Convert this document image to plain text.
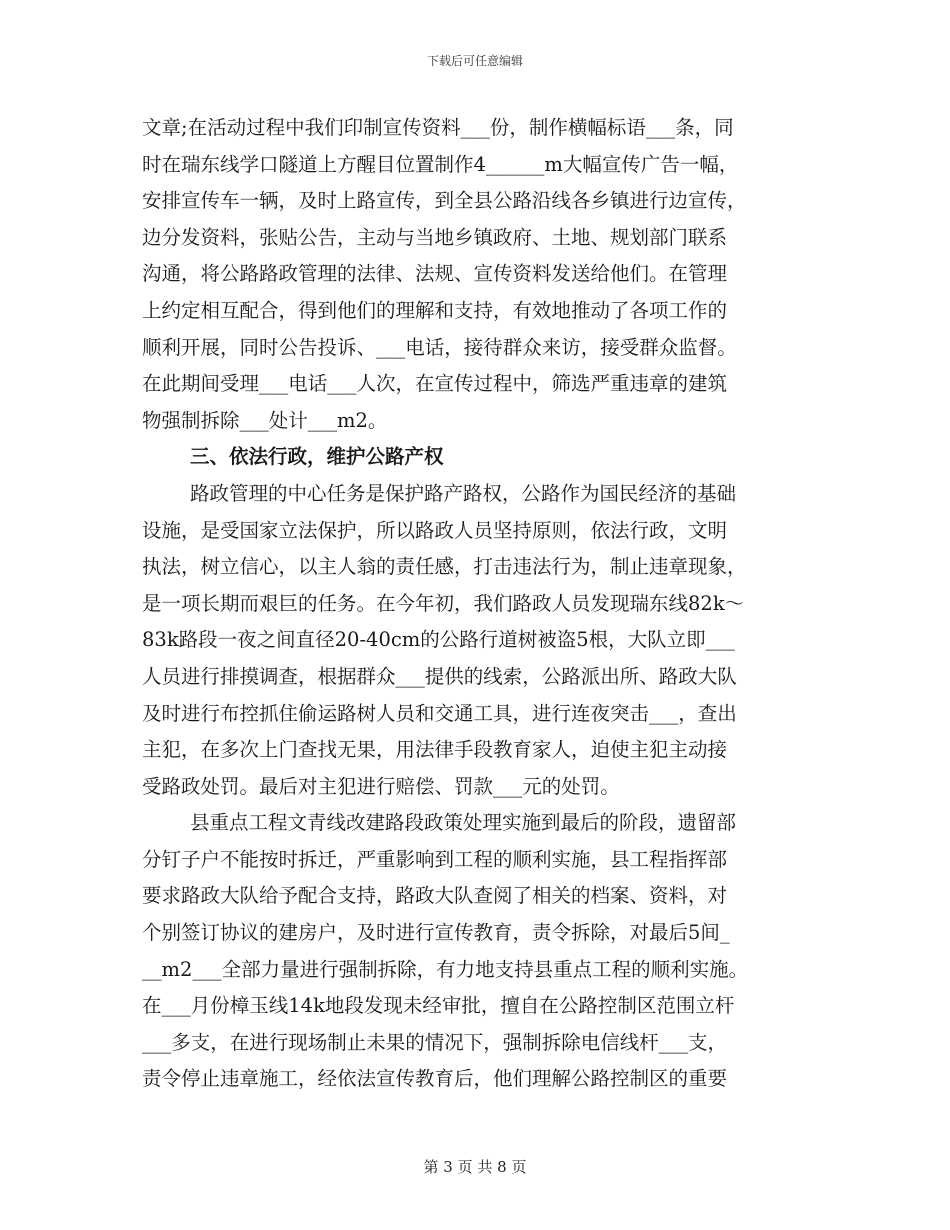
下载后可任意编辑
文章;在活动过程中我们印制宣传资料___份，制作横幅标语___条，同
时在瑞东线学口隧道上方醒目位置制作4______m大幅宣传广告一幅，
安排宣传车一辆，及时上路宣传，到全县公路沿线各乡镇进行边宣传，
边分发资料，张贴公告，主动与当地乡镇政府、土地、规划部门联系
沟通，将公路路政管理的法律、法规、宣传资料发送给他们。在管理
上约定相互配合，得到他们的理解和支持，有效地推动了各项工作的
顺利开展，同时公告投诉、___电话，接待群众来访，接受群众监督。
在此期间受理___电话___人次，在宣传过程中，筛选严重违章的建筑
物强制拆除___处计___m2。
三、依法行政，维护公路产权
路政管理的中心任务是保护路产路权，公路作为国民经济的基础
设施，是受国家立法保护，所以路政人员坚持原则，依法行政，文明
执法，树立信心，以主人翁的责任感，打击违法行为，制止违章现象，
是一项长期而艰巨的任务。在今年初，我们路政人员发现瑞东线82k～
83k路段一夜之间直径20-40cm的公路行道树被盗5根，大队立即___
人员进行排摸调查，根据群众___提供的线索，公路派出所、路政大队
及时进行布控抓住偷运路树人员和交通工具，进行连夜突击___，查出
主犯，在多次上门查找无果，用法律手段教育家人，迫使主犯主动接
受路政处罚。最后对主犯进行赔偿、罚款___元的处罚。
县重点工程文青线改建路段政策处理实施到最后的阶段，遗留部
分钉子户不能按时拆迁，严重影响到工程的顺利实施，县工程指挥部
要求路政大队给予配合支持，路政大队查阅了相关的档案、资料，对
个别签订协议的建房户，及时进行宣传教育，责令拆除，对最后5间_
__m2___全部力量进行强制拆除，有力地支持县重点工程的顺利实施。
在___月份樟玉线14k地段发现未经审批，擅自在公路控制区范围立杆
___多支，在进行现场制止未果的情况下，强制拆除电信线杆___支，
责令停止违章施工，经依法宣传教育后，他们理解公路控制区的重要
第 3 页 共 8 页
